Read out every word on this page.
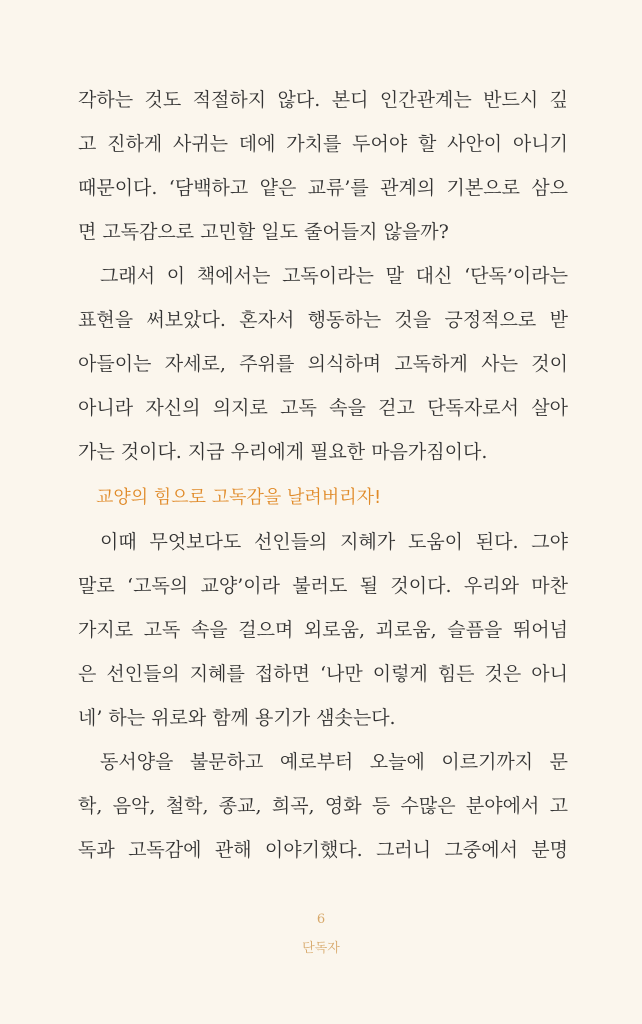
각하는 것도 적절하지 않다. 본디 인간관계는 반드시 깊
고 진하게 사귀는 데에 가치를 두어야 할 사안이 아니기
때문이다. ‘담백하고 얕은 교류’를 관계의 기본으로 삼으
면 고독감으로 고민할 일도 줄어들지 않을까?
그래서 이 책에서는 고독이라는 말 대신 ‘단독’이라는
표현을 써보았다. 혼자서 행동하는 것을 긍정적으로 받
아들이는 자세로, 주위를 의식하며 고독하게 사는 것이
아니라 자신의 의지로 고독 속을 걷고 단독자로서 살아
가는 것이다. 지금 우리에게 필요한 마음가짐이다.
교양의 힘으로 고독감을 날려버리자!
이때 무엇보다도 선인들의 지혜가 도움이 된다. 그야
말로 ‘고독의 교양’이라 불러도 될 것이다. 우리와 마찬
가지로 고독 속을 걸으며 외로움, 괴로움, 슬픔을 뛰어넘
은 선인들의 지혜를 접하면 ‘나만 이렇게 힘든 것은 아니
네’ 하는 위로와 함께 용기가 샘솟는다.
동서양을 불문하고 예로부터 오늘에 이르기까지 문
학, 음악, 철학, 종교, 희곡, 영화 등 수많은 분야에서 고
독과 고독감에 관해 이야기했다. 그러니 그중에서 분명
6
단독자
